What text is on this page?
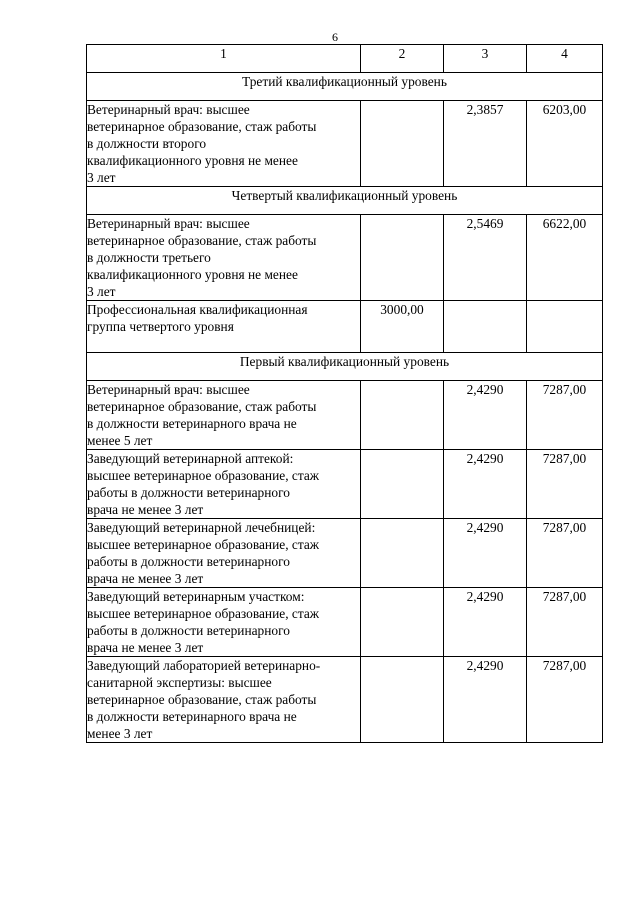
6
1	2	3	4
Третий квалификационный уровень			

Ветеринарный врач: высшее
ветеринарное образование, стаж работы
в должности второго
квалификационного уровня не менее
3 лет		2,3857	6203,00
Четвертый квалификационный уровень			

Ветеринарный врач: высшее
ветеринарное образование, стаж работы
в должности третьего
квалификационного уровня не менее
3 лет		2,5469	6622,00

Профессиональная квалификационная
группа четвертого уровня	3000,00		
Первый квалификационный уровень			

Ветеринарный врач: высшее
ветеринарное образование, стаж работы
в должности ветеринарного врача не
менее 5 лет		2,4290	7287,00

Заведующий ветеринарной аптекой:
высшее ветеринарное образование, стаж
работы в должности ветеринарного
врача не менее 3 лет		2,4290	7287,00

Заведующий ветеринарной лечебницей:
высшее ветеринарное образование, стаж
работы в должности ветеринарного
врача не менее 3 лет		2,4290	7287,00

Заведующий ветеринарным участком:
высшее ветеринарное образование, стаж
работы в должности ветеринарного
врача не менее 3 лет		2,4290	7287,00

Заведующий лабораторией ветеринарно-
санитарной экспертизы: высшее
ветеринарное образование, стаж работы
в должности ветеринарного врача не
менее 3 лет		2,4290	7287,00
